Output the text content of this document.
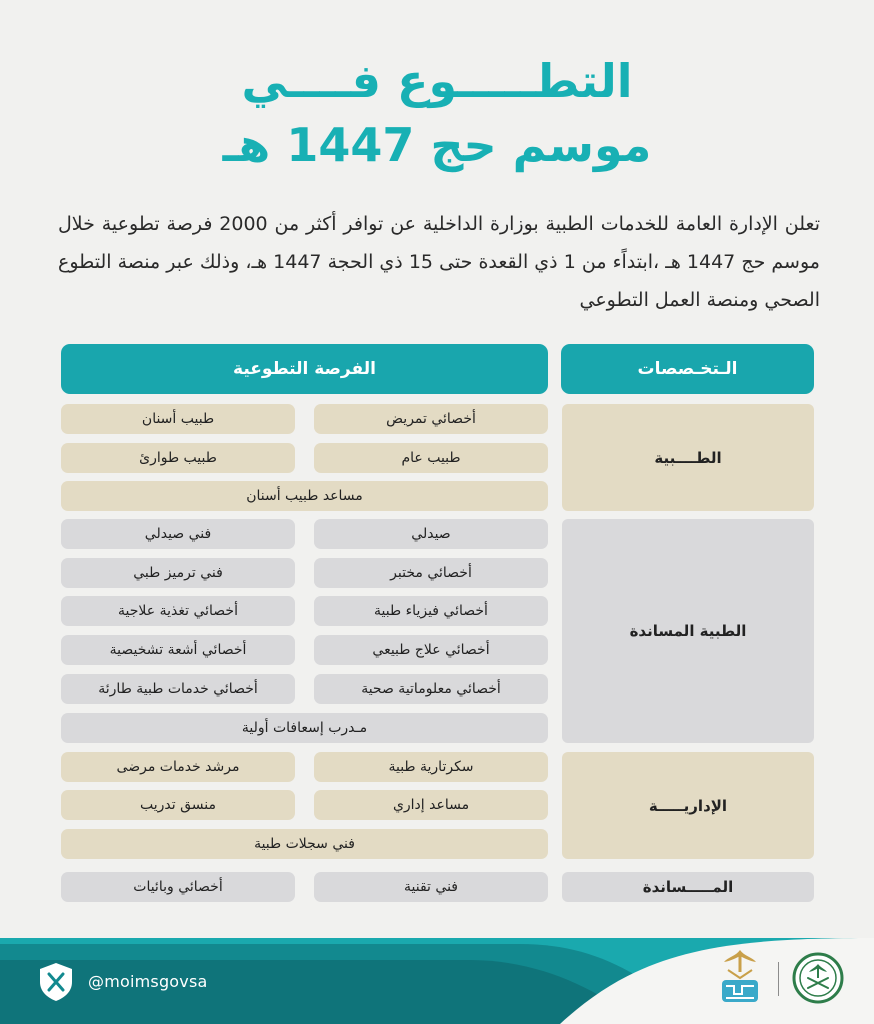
التطـــــوع فــــي
موسم حج 1447 هـ
تعلن الإدارة العامة للخدمات الطبية بوزارة الداخلية عن توافر أكثر من 2000 فرصة تطوعية خلال موسم حج 1447 هـ ،ابتداًء من 1 ذي القعدة حتى 15 ذي الحجة 1447 هـ، وذلك عبر منصة التطوع الصحي ومنصة العمل التطوعي
الـتخـصصات
الفرصة التطوعية
الطــــبية
أخصائي تمريض
طبيب أسنان
طبيب عام
طبيب طوارئ
مساعد طبيب أسنان
الطبية المساندة
صيدلي
فني صيدلي
أخصائي مختبر
فني ترميز طبي
أخصائي فيزياء طبية
أخصائي تغذية علاجية
أخصائي علاج طبيعي
أخصائي أشعة تشخيصية
أخصائي معلوماتية صحية
أخصائي خدمات طبية طارئة
مـدرب إسعافات أولية
الإداريـــــة
سكرتارية طبية
مرشد خدمات مرضى
مساعد إداري
منسق تدريب
فني سجلات طبية
المـــــساندة
فني تقنية
أخصائي وبائيات
@moimsgovsa
